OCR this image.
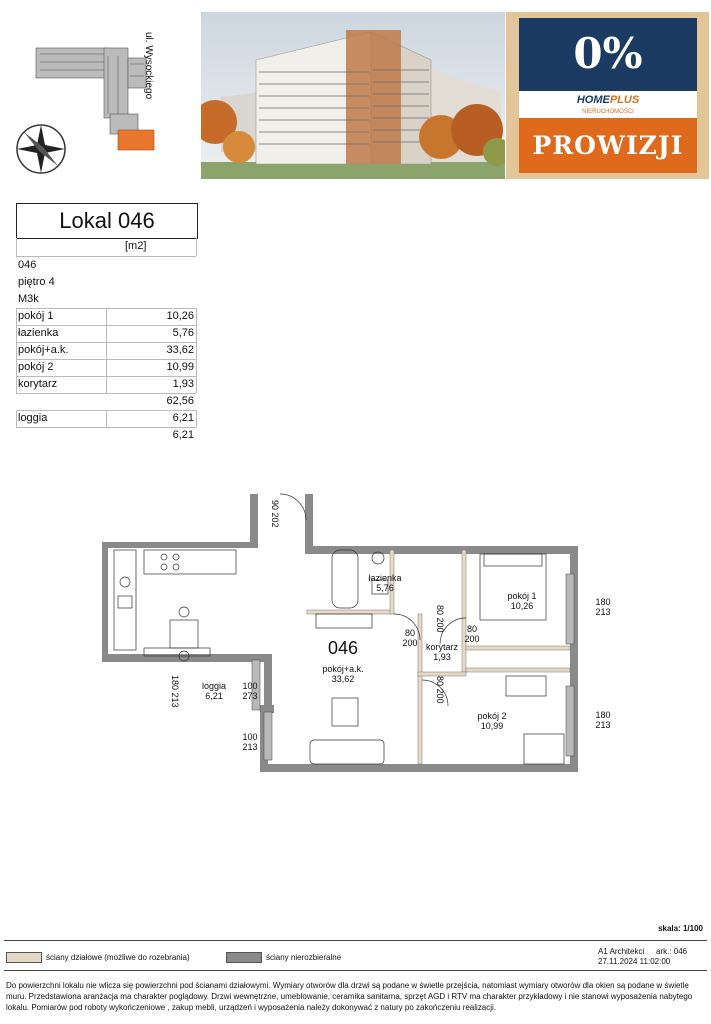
ul. Wysockiego	0%
HOMEPLUS
NIERUCHOMOŚCI
PROWIZJI
Lokal 046
[m2]
046
piętro 4
M3k
pokój 1	10,26
łazienka	5,76
pokój+a.k.	33,62
pokój 2	10,99
korytarz	1,93
62,56
loggia	6,21
6,21
90 202
łazienka
5,76
pokój 1
10,26	180
213
180
213
80 200
80
200
80
200
korytarz
1,93
046
pokój+a.k.
33,62	80 200
180 213
loggia
6,21
100
273
pokój 2
10,99
100
213
skala: 1/100
ściany działowe (możliwe do rozebrania)	ściany nierozbieralne
A1 Architekci ark.: 046
27.11.2024 11:02:00
Do powierzchni lokalu nie wlicza się powierzchni pod ścianami działowymi. Wymiary otworów dla drzwi są podane w świetle przejścia, natomiast wymiary otworów dla okien są podane w świetle muru. Przedstawiona aranżacja ma charakter poglądowy. Drzwi wewnętrzne, umeblowanie, ceramika sanitarna, sprzęt AGD i RTV ma charakter przykładowy i nie stanowi wyposażenia nabytego lokalu. Pomiarów pod roboty wykończeniowe , zakup mebli, urządzeń i wyposażenia należy dokonywać z natury po zakończeniu realizacji.
